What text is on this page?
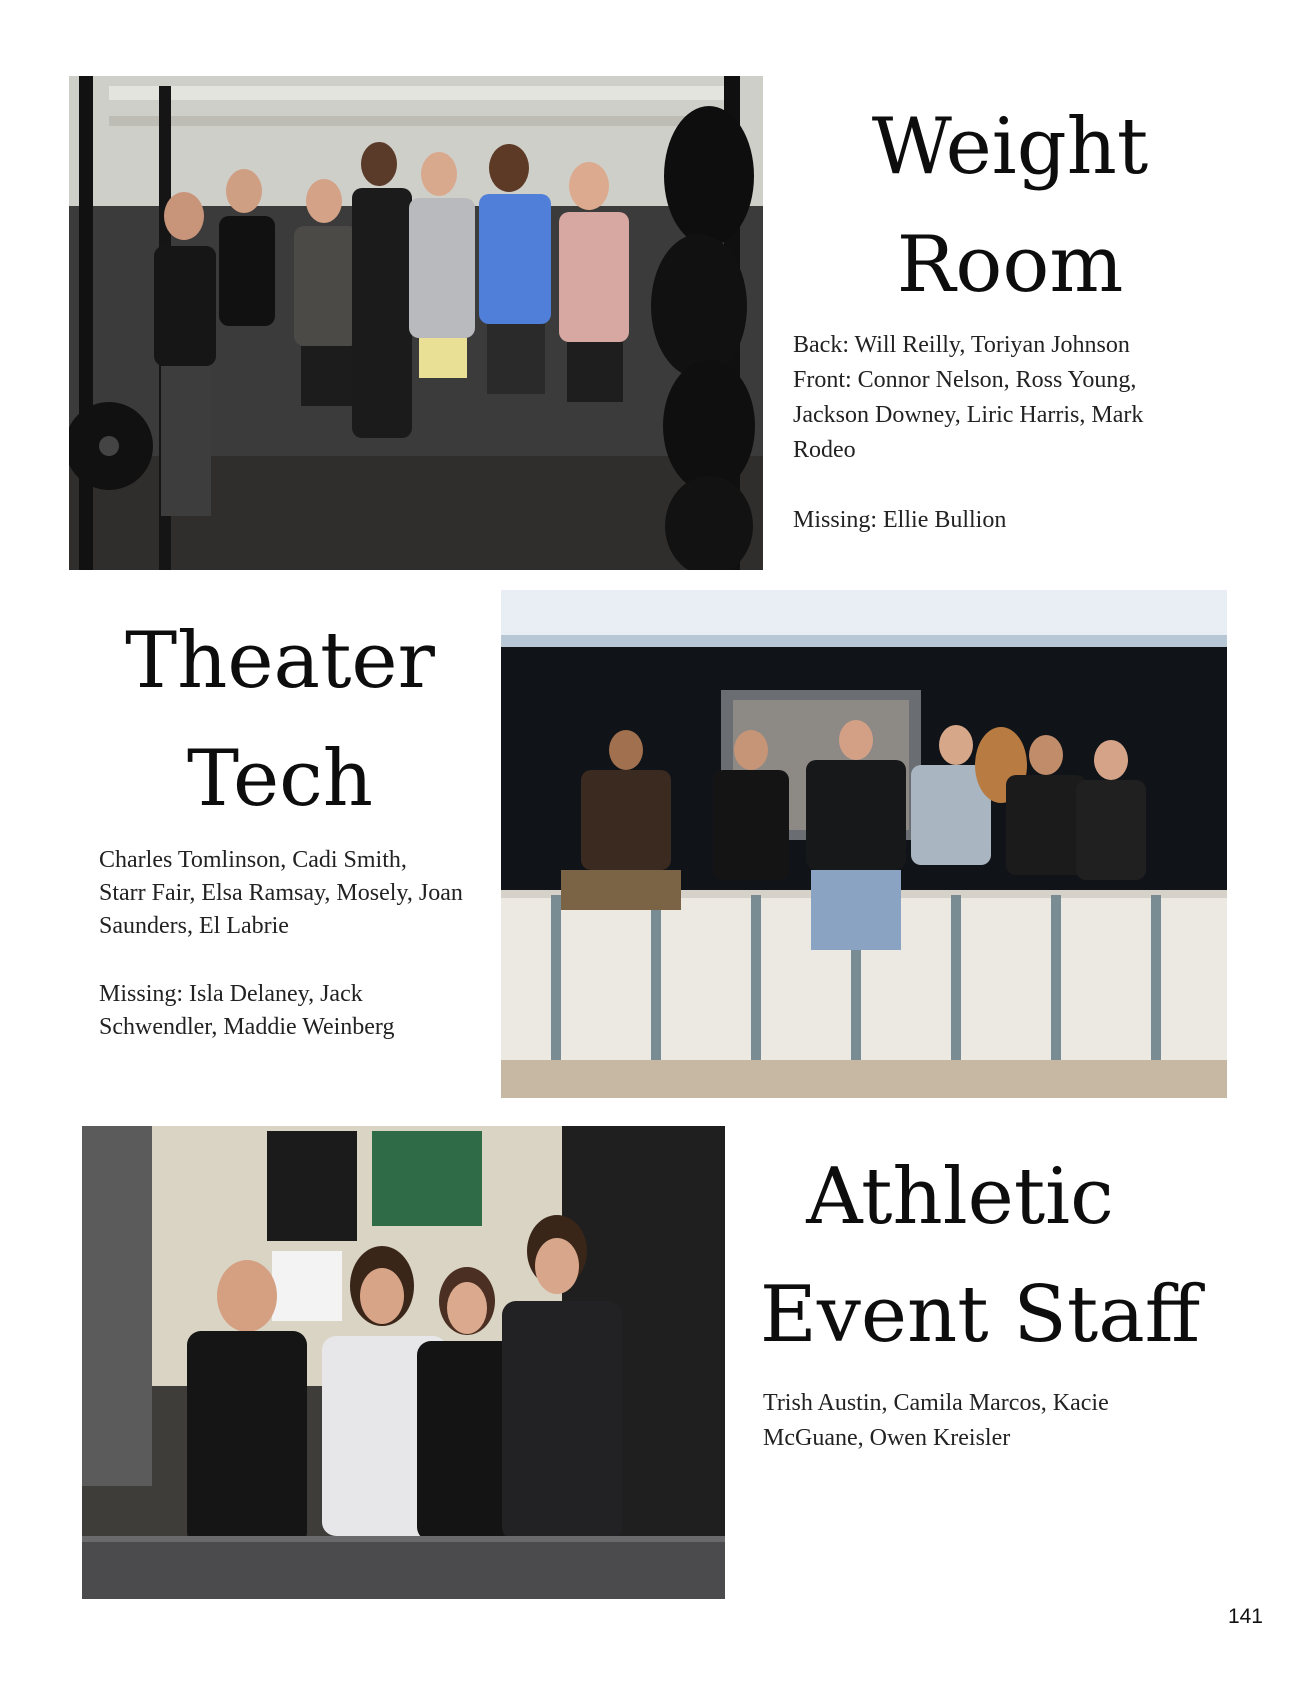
Weight
Room

Back: Will Reilly, Toriyan Johnson

Front: Connor Nelson, Ross Young,

Jackson Downey, Liric Harris, Mark

Rodeo

Missing: Ellie Bullion

Theater
Tech

Charles Tomlinson, Cadi Smith,

Starr Fair, Elsa Ramsay, Mosely, Joan

Saunders, El Labrie

Missing: Isla Delaney, Jack

Schwendler, Maddie Weinberg

Athletic
Event Staff

Trish Austin, Camila Marcos, Kacie

McGuane, Owen Kreisler

141
